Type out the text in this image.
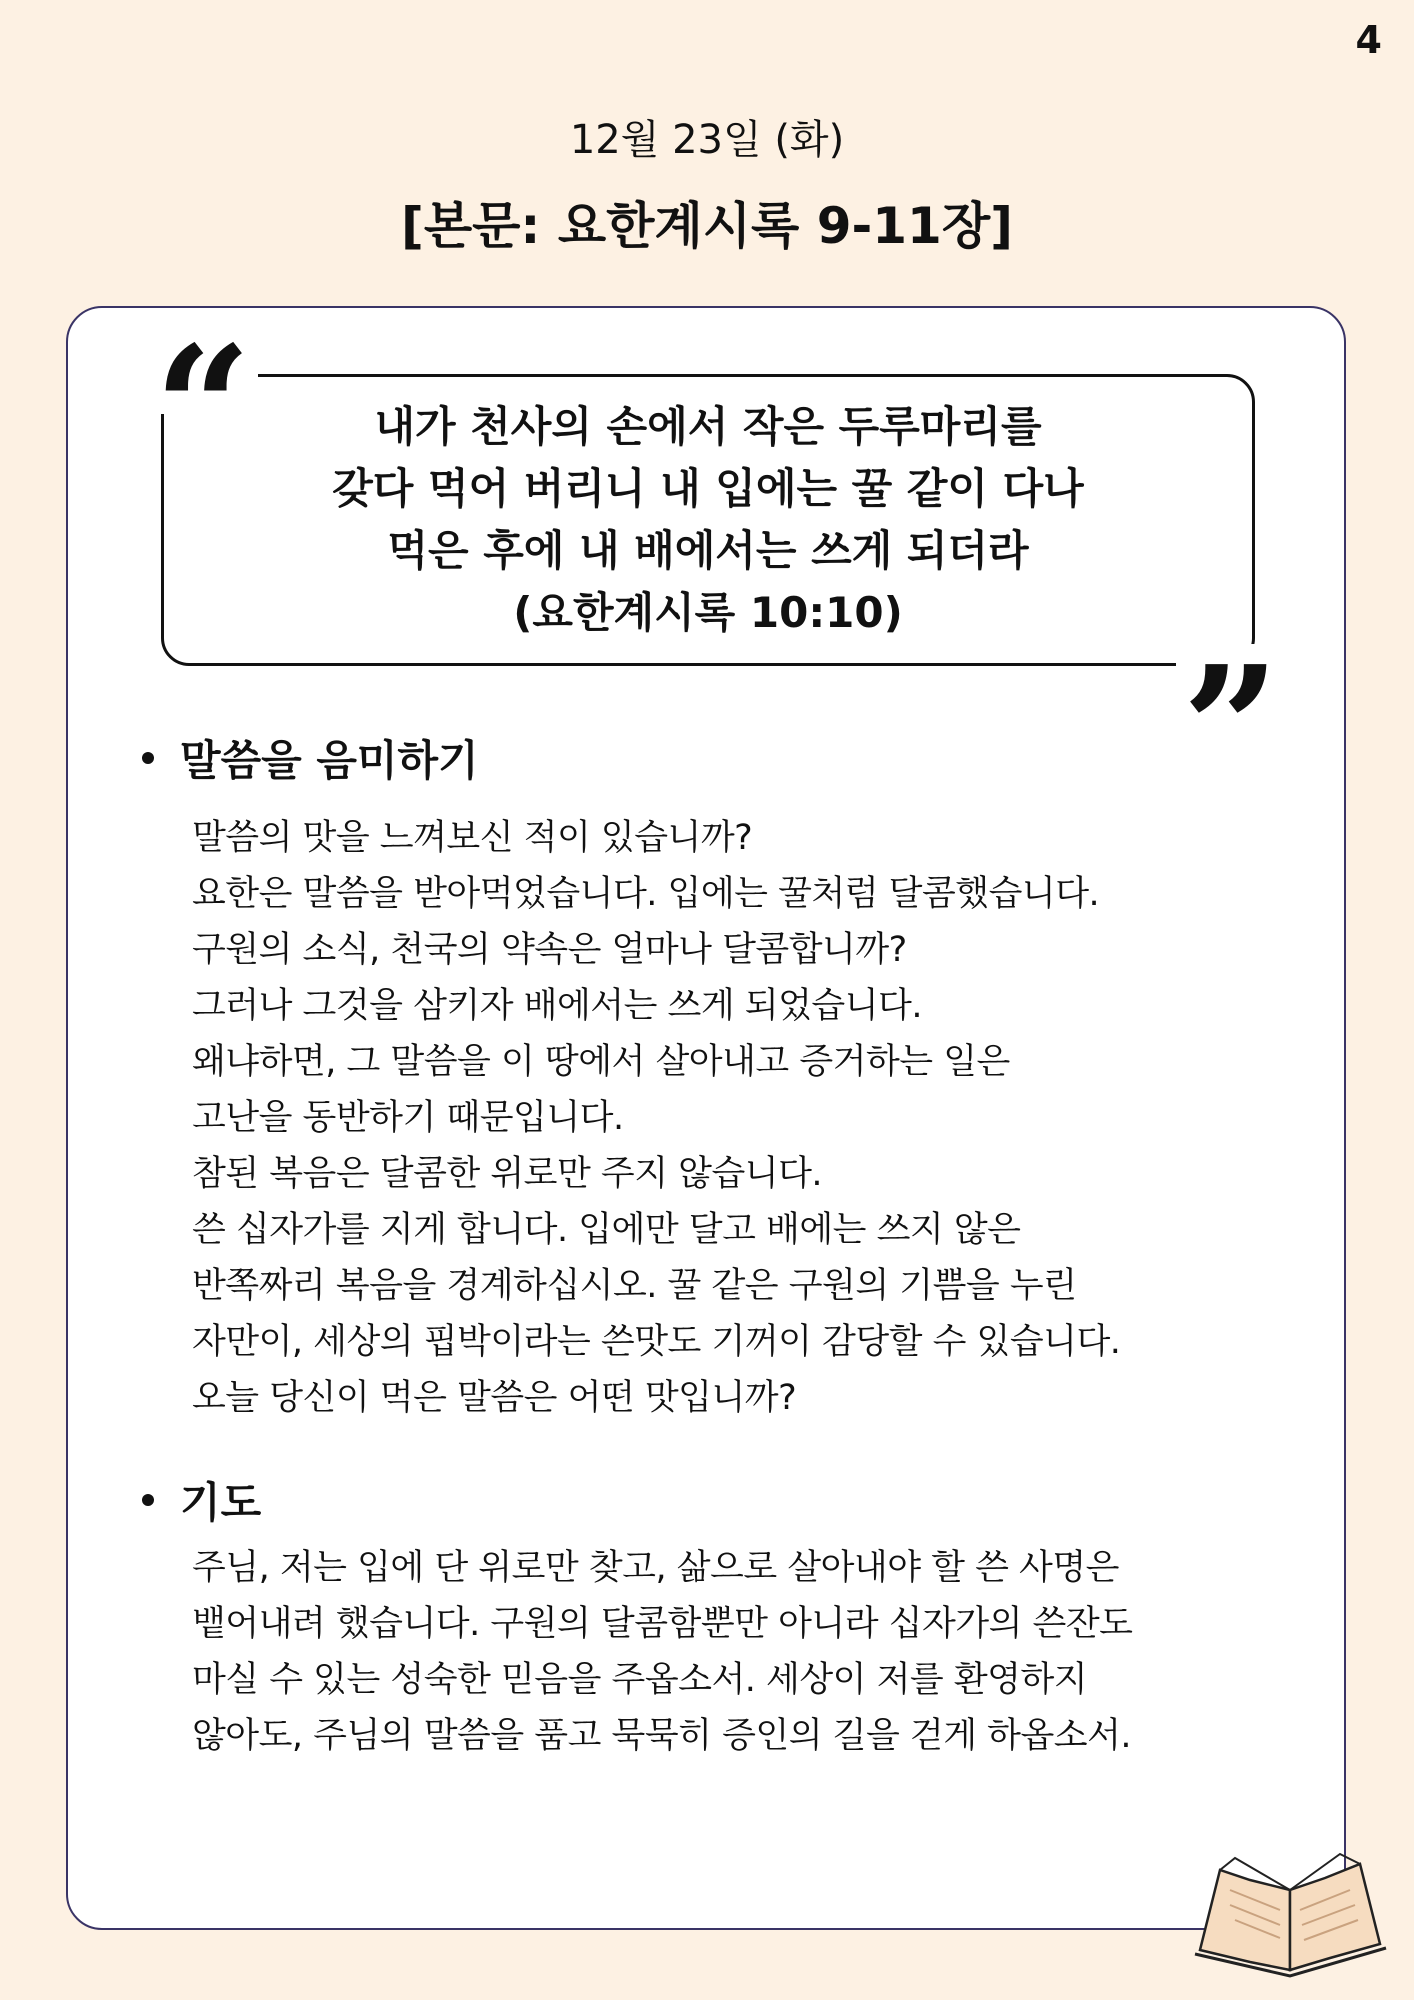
4
12월 23일 (화)
[본문: 요한계시록 9-11장]
내가 천사의 손에서 작은 두루마리를
갖다 먹어 버리니 내 입에는 꿀 같이 다나
먹은 후에 내 배에서는 쓰게 되더라
(요한계시록 10:10)
“
”
말씀을 음미하기
말씀의 맛을 느껴보신 적이 있습니까?
요한은 말씀을 받아먹었습니다. 입에는 꿀처럼 달콤했습니다.
구원의 소식, 천국의 약속은 얼마나 달콤합니까?
그러나 그것을 삼키자 배에서는 쓰게 되었습니다.
왜냐하면, 그 말씀을 이 땅에서 살아내고 증거하는 일은
고난을 동반하기 때문입니다.
참된 복음은 달콤한 위로만 주지 않습니다.
쓴 십자가를 지게 합니다. 입에만 달고 배에는 쓰지 않은
반쪽짜리 복음을 경계하십시오. 꿀 같은 구원의 기쁨을 누린
자만이, 세상의 핍박이라는 쓴맛도 기꺼이 감당할 수 있습니다.
오늘 당신이 먹은 말씀은 어떤 맛입니까?
기도
주님, 저는 입에 단 위로만 찾고, 삶으로 살아내야 할 쓴 사명은
뱉어내려 했습니다. 구원의 달콤함뿐만 아니라 십자가의 쓴잔도
마실 수 있는 성숙한 믿음을 주옵소서. 세상이 저를 환영하지
않아도, 주님의 말씀을 품고 묵묵히 증인의 길을 걷게 하옵소서.
